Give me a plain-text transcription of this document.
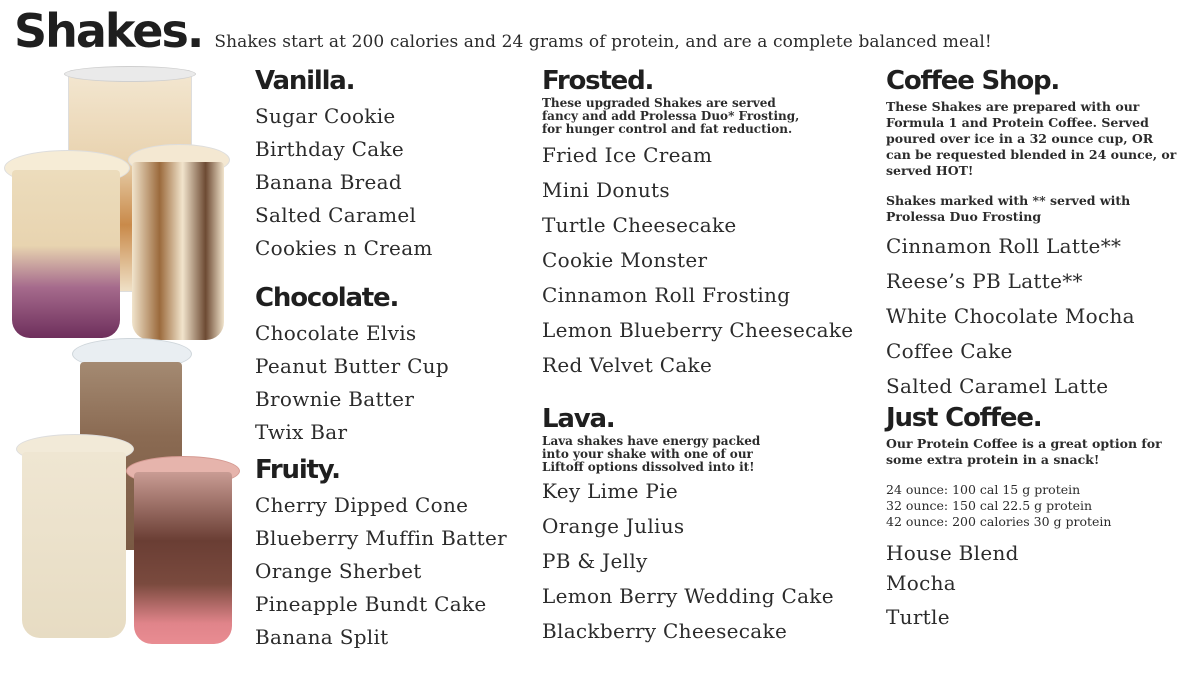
Shakes. Shakes start at 200 calories and 24 grams of protein, and are a complete balanced meal!
Vanilla.
Sugar Cookie
Birthday Cake
Banana Bread
Salted Caramel
Cookies n Cream
Chocolate.
Chocolate Elvis
Peanut Butter Cup
Brownie Batter
Twix Bar
Fruity.
Cherry Dipped Cone
Blueberry Muffin Batter
Orange Sherbet
Pineapple Bundt Cake
Banana Split
Frosted.
These upgraded Shakes are served
fancy and add Prolessa Duo* Frosting,
for hunger control and fat reduction.
Fried Ice Cream
Mini Donuts
Turtle Cheesecake
Cookie Monster
Cinnamon Roll Frosting
Lemon Blueberry Cheesecake
Red Velvet Cake
Lava.
Lava shakes have energy packed
into your shake with one of our
Liftoff options dissolved into it!
Key Lime Pie
Orange Julius
PB & Jelly
Lemon Berry Wedding Cake
Blackberry Cheesecake
Coffee Shop.
These Shakes are prepared with our
Formula 1 and Protein Coffee. Served
poured over ice in a 32 ounce cup, OR
can be requested blended in 24 ounce, or
served HOT!
Shakes marked with ** served with
Prolessa Duo Frosting
Cinnamon Roll Latte**
Reese’s PB Latte**
White Chocolate Mocha
Coffee Cake
Salted Caramel Latte
Just Coffee.
Our Protein Coffee is a great option for
some extra protein in a snack!
24 ounce: 100 cal 15 g protein
32 ounce: 150 cal 22.5 g protein
42 ounce: 200 calories 30 g protein
House Blend
Mocha
Turtle
